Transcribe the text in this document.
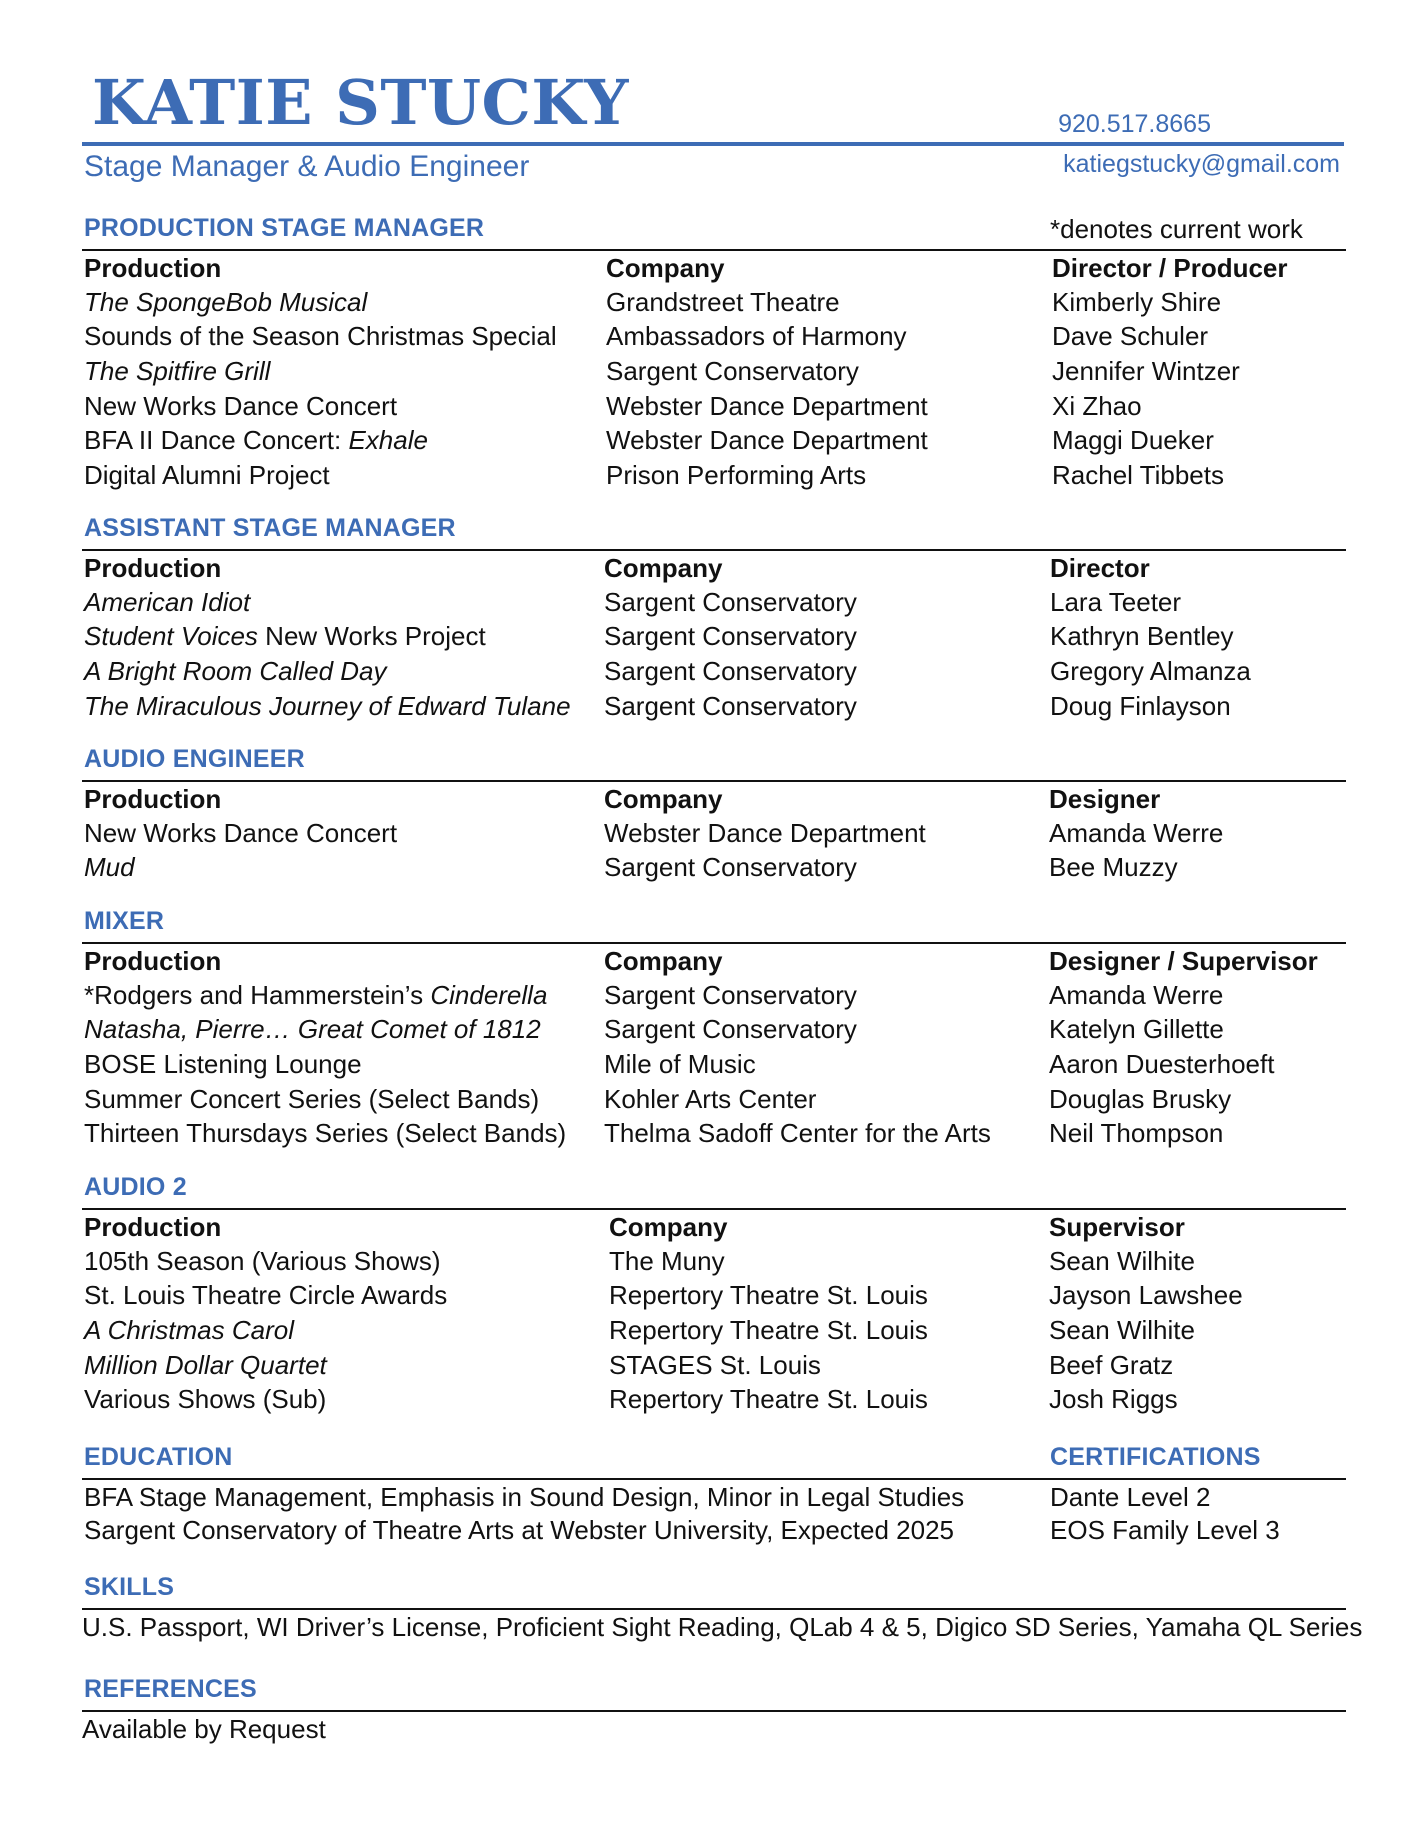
KATIE STUCKY
Stage Manager & Audio Engineer
920.517.8665
katiegstucky@gmail.com
PRODUCTION STAGE MANAGER	*denotes current work
Production	Company	Director / Producer
The SpongeBob Musical	Grandstreet Theatre	Kimberly Shire
Sounds of the Season Christmas Special	Ambassadors of Harmony	Dave Schuler
The Spitfire Grill	Sargent Conservatory	Jennifer Wintzer
New Works Dance Concert	Webster Dance Department	Xi Zhao
BFA II Dance Concert: Exhale	Webster Dance Department	Maggi Dueker
Digital Alumni Project	Prison Performing Arts	Rachel Tibbets
ASSISTANT STAGE MANAGER
Production	Company	Director
American Idiot	Sargent Conservatory	Lara Teeter
Student Voices New Works Project	Sargent Conservatory	Kathryn Bentley
A Bright Room Called Day	Sargent Conservatory	Gregory Almanza
The Miraculous Journey of Edward Tulane	Sargent Conservatory	Doug Finlayson
AUDIO ENGINEER
Production	Company	Designer
New Works Dance Concert	Webster Dance Department	Amanda Werre
Mud	Sargent Conservatory	Bee Muzzy
MIXER
Production	Company	Designer / Supervisor
*Rodgers and Hammerstein’s Cinderella	Sargent Conservatory	Amanda Werre
Natasha, Pierre… Great Comet of 1812	Sargent Conservatory	Katelyn Gillette
BOSE Listening Lounge	Mile of Music	Aaron Duesterhoeft
Summer Concert Series (Select Bands)	Kohler Arts Center	Douglas Brusky
Thirteen Thursdays Series (Select Bands)	Thelma Sadoff Center for the Arts	Neil Thompson
AUDIO 2
Production	Company	Supervisor
105th Season (Various Shows)	The Muny	Sean Wilhite
St. Louis Theatre Circle Awards	Repertory Theatre St. Louis	Jayson Lawshee
A Christmas Carol	Repertory Theatre St. Louis	Sean Wilhite
Million Dollar Quartet	STAGES St. Louis	Beef Gratz
Various Shows (Sub)	Repertory Theatre St. Louis	Josh Riggs
EDUCATION	CERTIFICATIONS
BFA Stage Management, Emphasis in Sound Design, Minor in Legal Studies
Sargent Conservatory of Theatre Arts at Webster University, Expected 2025
Dante Level 2
EOS Family Level 3
SKILLS
U.S. Passport, WI Driver’s License, Proficient Sight Reading, QLab 4 & 5, Digico SD Series, Yamaha QL Series
REFERENCES
Available by Request
